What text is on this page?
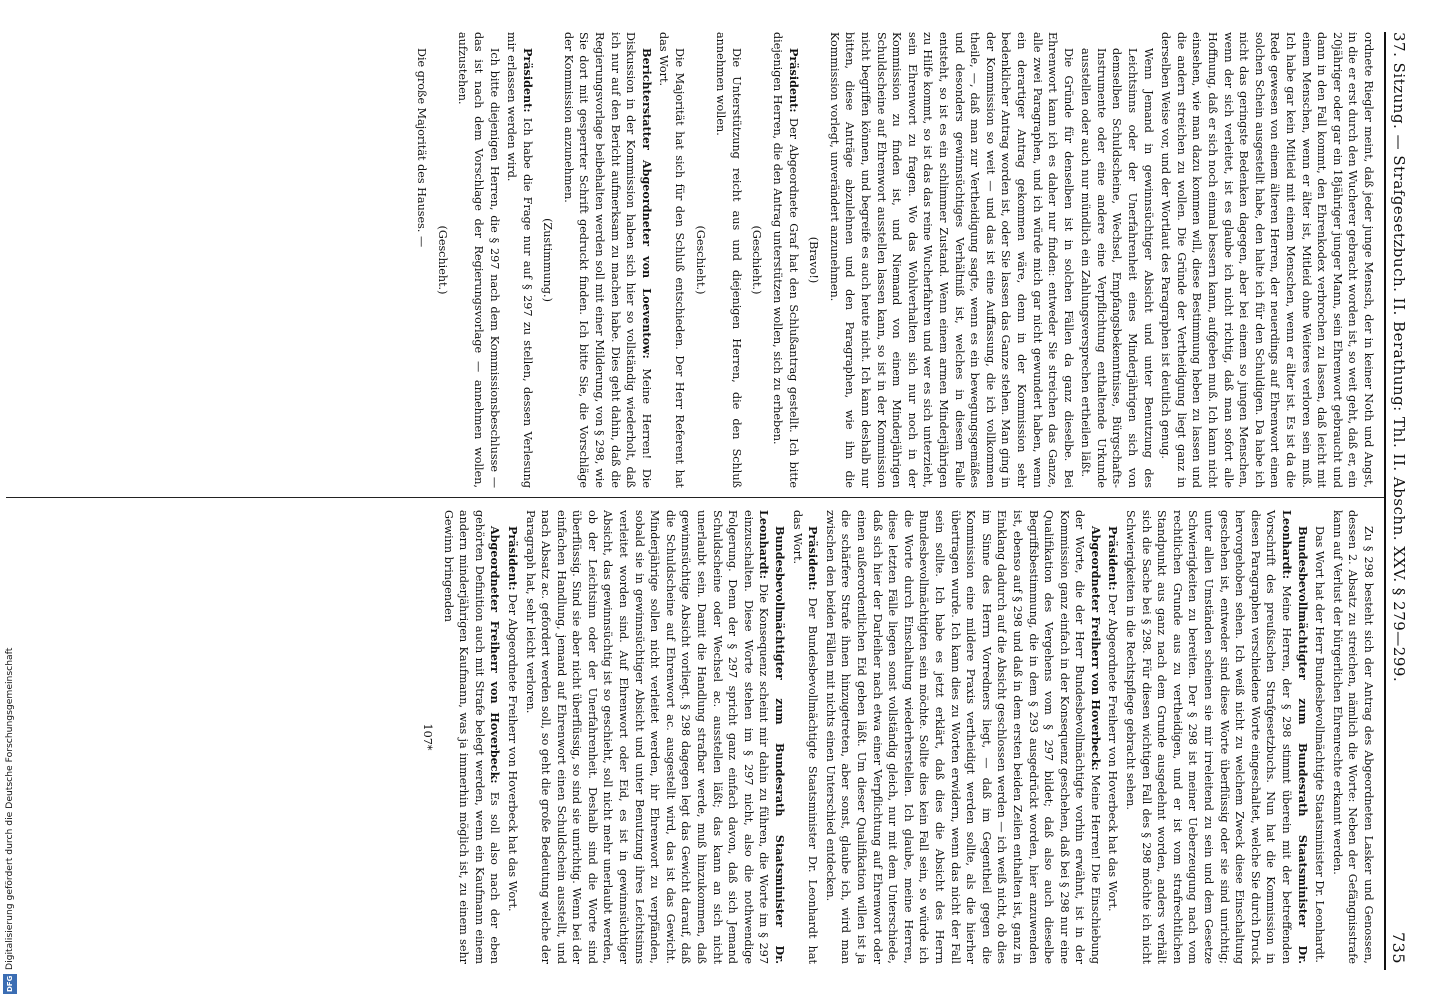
37. Sitzung. — Strafgesetzbuch. II. Berathung: Thl. II. Abschn. XXV. § 279—299.
735

ordnete Riegler meint, daß jeder junge Mensch, der in keiner Noth und Angst, in die er erst durch den Wucherer gebracht worden ist, so weit geht, daß er, ein 20jähriger oder gar ein 18jähriger junger Mann, sein Ehrenwort gebraucht und dann in den Fall kommt, den Ehrenkodex verbrochen zu lassen, daß leicht mit einem Menschen, wenn er älter ist, Mitleid ohne Weiteres verloren sein muß. Ich habe gar kein Mitleid mit einem Menschen, wenn er älter ist. Es ist da die Rede gewesen von einem älteren Herren, der neuerdings auf Ehrenwort einen solchen Schein ausgestellt habe, den halte ich für den Schuldigen. Da habe ich nicht das geringste Bedenken dagegen, aber bei einem so jungen Menschen, wenn der sich verleitet, ist es glaube ich nicht richtig, daß man sofort alle Hoffnung, daß er sich noch einmal bessern kann, aufgeben muß. Ich kann nicht einsehen, wie man dazu kommen will, diese Bestimmung heben zu lassen und die andern streichen zu wollen. Die Gründe der Vertheidigung liegt ganz in derselben Weise vor, und der Wortlaut des Paragraphen ist deutlich genug.

Wenn Jemand in gewinnsüchtiger Absicht und unter Benutzung des Leichtsinns oder der Unerfahrenheit eines Minderjährigen sich von demselben Schuldscheine, Wechsel, Empfangsbekenntnisse, Bürgschafts-Instrumente oder eine andere eine Verpflichtung enthaltende Urkunde ausstellen oder auch nur mündlich ein Zahlungsversprechen ertheilen läßt.

Die Gründe für denselben ist in solchen Fällen da ganz dieselbe. Bei Ehrenwort kann ich es daher nur finden: entweder Sie streichen das Ganze, alle zwei Paragraphen, und ich würde mich gar nicht gewundert haben, wenn ein derartiger Antrag gekommen wäre, denn in der Kommission sehr bedenklicher Antrag worden ist, oder Sie lassen das Ganze stehen. Man ging in der Kommission so weit — und das ist eine Auffassung, die ich vollkommen theile, —, daß man zur Vertheidigung sagte, wenn es ein bewegungsgemäßes und desonders gewinnsüchtiges Verhältniß ist, welches in diesem Falle entsteht, so ist es ein schlimmer Zustand. Wenn einem armen Minderjährigen zu Hilfe kommt, so ist das das reine Wucherfahren und wer es sich unterzieht, sein Ehrenwort zu fragen. Wo das Wohlverhalten sich nur noch in der Kommission zu finden ist, und Niemand von einem Minderjährigen Schuldscheine auf Ehrenwort ausstellen lassen kann, so ist in der Kommission nicht begriffen können, und begreife es auch heute nicht. Ich kann deshalb nur bitten, diese Anträge abzulehnen und den Paragraphen, wie ihn die Kommission vorlegt, unverändert anzunehmen.

(Bravo!)

Präsident: Der Abgeordnete Graf hat den Schlußantrag gestellt. Ich bitte diejenigen Herren, die den Antrag unterstützen wollen, sich zu erheben.

(Geschieht.)

Die Unterstützung reicht aus und diejenigen Herren, die den Schluß annehmen wollen.

(Geschieht.)

Die Majorität hat sich für den Schluß entschieden. Der Herr Referent hat das Wort.

Berichterstatter Abgeordneter von Loeventow: Meine Herren! Die Diskussion in der Kommission haben sich hier so vollständig wiederholt, daß ich nur auf den Bericht aufmerksam zu machen habe. Dies geht dahin, daß die Regierungsvorlage beibehalten werden soll mit einer Milderung, von § 298, wie Sie dort mit gesperrter Schrift gedruckt finden. Ich bitte Sie, die Vorschläge der Kommission anzunehmen.

(Zustimmung.)

Präsident: Ich habe die Frage nur auf § 297 zu stellen, dessen Verlesung mir erlassen werden wird.

Ich bitte diejenigen Herren, die § 297 nach dem Kommissionsbeschlusse — das ist nach dem Vorschlage der Regierungsvorlage — annehmen wollen, aufzustehen.

(Geschieht.)

Die große Majorität des Hauses. —

Zu § 298 besteht sich der Antrag des Abgeordneten Lasker und Genossen, dessen 2. Absatz zu streichen, nämlich die Worte: Neben der Gefängnisstrafe kann auf Verlust der bürgerlichen Ehrenrechte erkannt werden.

Das Wort hat der Herr Bundesbevollmächtigte Staatsminister Dr. Leonhardt.

Bundesbevollmächtigter zum Bundesrath Staatsminister Dr. Leonhardt: Meine Herren, der § 298 stimmt überein mit der betreffenden Vorschrift des preußischen Strafgesetzbuchs. Nun hat die Kommission in diesen Paragraphen verschiedene Worte eingeschaltet, welche Sie durch Druck hervorgehoben sehen. Ich weiß nicht zu welchem Zweck diese Einschaltung geschehen ist, entweder sind diese Worte überflüssig oder sie sind unrichtig; unter allen Umständen scheinen sie mir irreleitend zu sein und dem Gesetze Schwierigkeiten zu bereiten. Der § 298 ist meiner Ueberzeugung nach vom rechtlichen Grunde aus zu vertheidigen, und er ist vom strafrechtlichen Standpunkt aus ganz nach dem Grunde ausgedehnt worden, anders verhält sich die Sache bei § 298. Für diesen wichtigen Fall des § 298 möchte ich nicht Schwierigkeiten in die Rechtspflege gebracht sehen.

Präsident: Der Abgeordnete Freiherr von Hoverbeck hat das Wort.

Abgeordneter Freiherr von Hoverbeck: Meine Herren! Die Einschiebung der Worte, die der Herr Bundesbevollmächtigte vorhin erwähnt, ist in der Kommission ganz einfach in der Konsequenz geschehen, daß bei § 298 nur eine Qualifikation des Vergehens vom § 297 bildet; daß also auch dieselbe Begriffsbestimmung, die in dem § 293 ausgedrückt worden, hier anzuwenden ist, ebenso auf § 298 und daß in dem ersten beiden Zeilen enthalten ist, ganz in Einklang dadurch auf die Absicht geschlossen werden — ich weiß nicht, ob dies im Sinne des Herrn Vorredners liegt, — daß im Gegentheil gegen die Kommission eine mildere Praxis vertheidigt werden sollte, als die hierher übertragen wurde. Ich kann dies zu Worten erwidern, wenn das nicht der Fall sein sollte. Ich habe es jetzt erklärt, daß dies die Absicht des Herrn Bundesbevollmächtigten sein möchte. Sollte dies kein Fall sein, so würde ich die Worte durch Einschaltung wiederherstellen. Ich glaube, meine Herren, diese letzten Fälle liegen sonst vollständig gleich, nur mit dem Unterschiede, daß sich hier der Darleiher nach etwa einer Verpflichtung auf Ehrenwort oder einen außerordentlichen Eid geben läßt. Um dieser Qualifikation willen ist ja die schärfere Strafe ihnen hinzugetreten, aber sonst, glaube ich, wird man zwischen den beiden Fällen mit nichts einen Unterschied entdecken.

Präsident: Der Bundesbevollmächtigte Staatsminister Dr. Leonhardt hat das Wort.

Bundesbevollmächtigter zum Bundesrath Staatsminister Dr. Leonhardt: Die Konsequenz scheint mir dahin zu führen, die Worte im § 297 einzuschalten. Diese Worte stehen im § 297 nicht, also die nothwendige Folgerung. Denn der § 297 spricht ganz einfach davon, daß sich Jemand Schuldscheine oder Wechsel ac. ausstellen läßt; das kann an sich nicht unerlaubt sein. Damit die Handlung strafbar werde, muß hinzukommen, daß gewinnsüchtige Absicht vorliegt. § 298 dagegen legt das Gewicht darauf, daß die Schuldscheine auf Ehrenwort ac. ausgestellt wird, das ist das Gewicht. Minderjährige sollen nicht verleitet werden, ihr Ehrenwort zu verpfänden, sobald sie in gewinnsüchtiger Absicht und unter Benutzung ihres Leichtsinns verleitet worden sind. Auf Ehrenwort oder Eid, es ist in gewinnsüchtiger Absicht, das gewinnsüchtig ist so geschieht, soll nicht mehr unerlaubt werden, ob der Leichtsinn oder der Unerfahrenheit. Deshalb sind die Worte sind überflüssig. Sind sie aber nicht überflüssig, so sind sie unrichtig. Wenn bei der einfachen Handlung, jemand auf Ehrenwort einen Schuldschein ausstellt, und nach Absatz ac. gefordert werden soll, so geht die große Bedeutung welche der Paragraph hat, sehr leicht verloren.

Präsident: Der Abgeordnete Freiherr von Hoverbeck hat das Wort.

Abgeordneter Freiherr von Hoverbeck: Es soll also nach der eben gehörten Definition auch mit Strafe belegt werden, wenn ein Kaufmann einem andern minderjährigen Kaufmann, was ja immerhin möglich ist, zu einem sehr Gewinn bringenden

107*

Digitalisierung gefördert durch die Deutsche Forschungsgemeinschaft
DFG
